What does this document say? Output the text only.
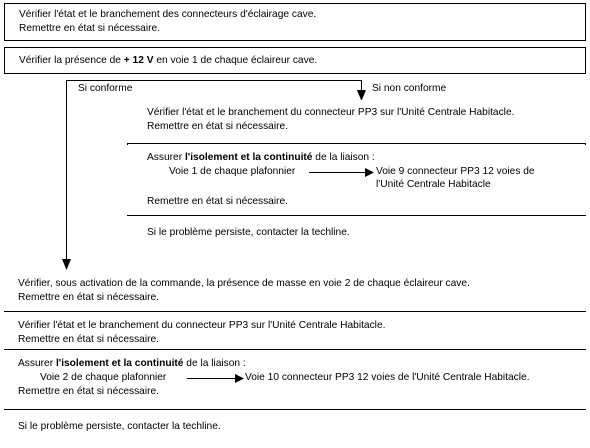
Vérifier l'état et le branchement des connecteurs d'éclairage cave.
Remettre en état si nécessaire.
Vérifier la présence de + 12 V en voie 1 de chaque éclaireur cave.
Si conforme	Si non conforme
Vérifier l'état et le branchement du connecteur PP3 sur l'Unité Centrale Habitacle.
Remettre en état si nécessaire.
Assurer l'isolement et la continuité de la liaison :
Voie 1 de chaque plafonnier	Voie 9 connecteur PP3 12 voies de
l'Unité Centrale Habitacle
Remettre en état si nécessaire.
Si le problème persiste, contacter la techline.
Vérifier, sous activation de la commande, la présence de masse en voie 2 de chaque éclaireur cave.
Remettre en état si nécessaire.
Vérifier l'état et le branchement du connecteur PP3 sur l'Unité Centrale Habitacle.
Remettre en état si nécessaire.
Assurer l'isolement et la continuité de la liaison :
Voie 2 de chaque plafonnier	Voie 10 connecteur PP3 12 voies de l'Unité Centrale Habitacle.
Remettre en état si nécessaire.
Si le problème persiste, contacter la techline.
